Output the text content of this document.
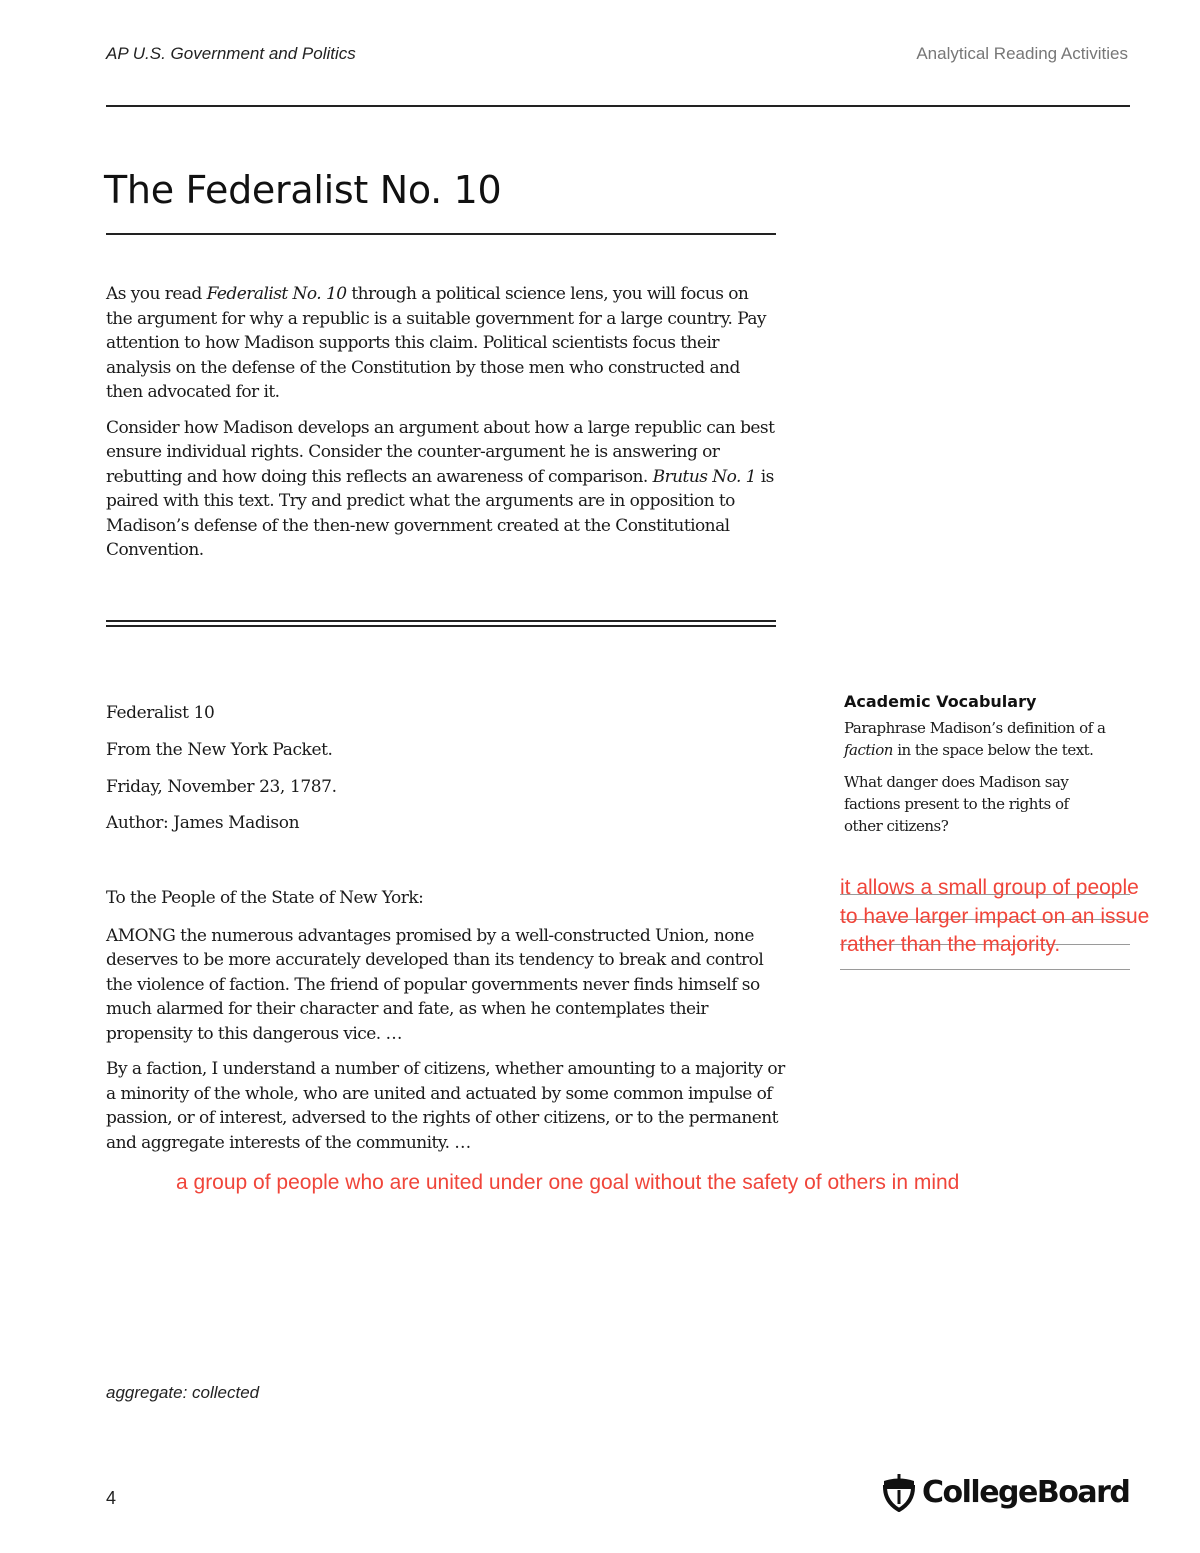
AP U.S. Government and Politics	Analytical Reading Activities
The Federalist No. 10

As you read Federalist No. 10 through a political science lens, you will focus on the argument for why a republic is a suitable government for a large country. Pay attention to how Madison supports this claim. Political scientists focus their analysis on the defense of the Constitution by those men who constructed and then advocated for it.

Consider how Madison develops an argument about how a large republic can best ensure individual rights. Consider the counter-argument he is answering or rebutting and how doing this reflects an awareness of comparison. Brutus No. 1 is paired with this text. Try and predict what the arguments are in opposition to Madison’s defense of the then-new government created at the Constitutional Convention.

Federalist 10
From the New York Packet.
Friday, November 23, 1787.
Author: James Madison

To the People of the State of New York:

AMONG the numerous advantages promised by a well-constructed Union, none deserves to be more accurately developed than its tendency to break and control the violence of faction. The friend of popular governments never finds himself so much alarmed for their character and fate, as when he contemplates their propensity to this dangerous vice. …

By a faction, I understand a number of citizens, whether amounting to a majority or a minority of the whole, who are united and actuated by some common impulse of passion, or of interest, adversed to the rights of other citizens, or to the permanent and aggregate interests of the community. …

Academic Vocabulary

Paraphrase Madison’s definition of a faction in the space below the text.

What danger does Madison say factions present to the rights of other citizens?

it allows a small group of people to have larger impact on an issue rather than the majority.
a group of people who are united under one goal without the safety of others in mind
aggregate: collected
4	CollegeBoard
